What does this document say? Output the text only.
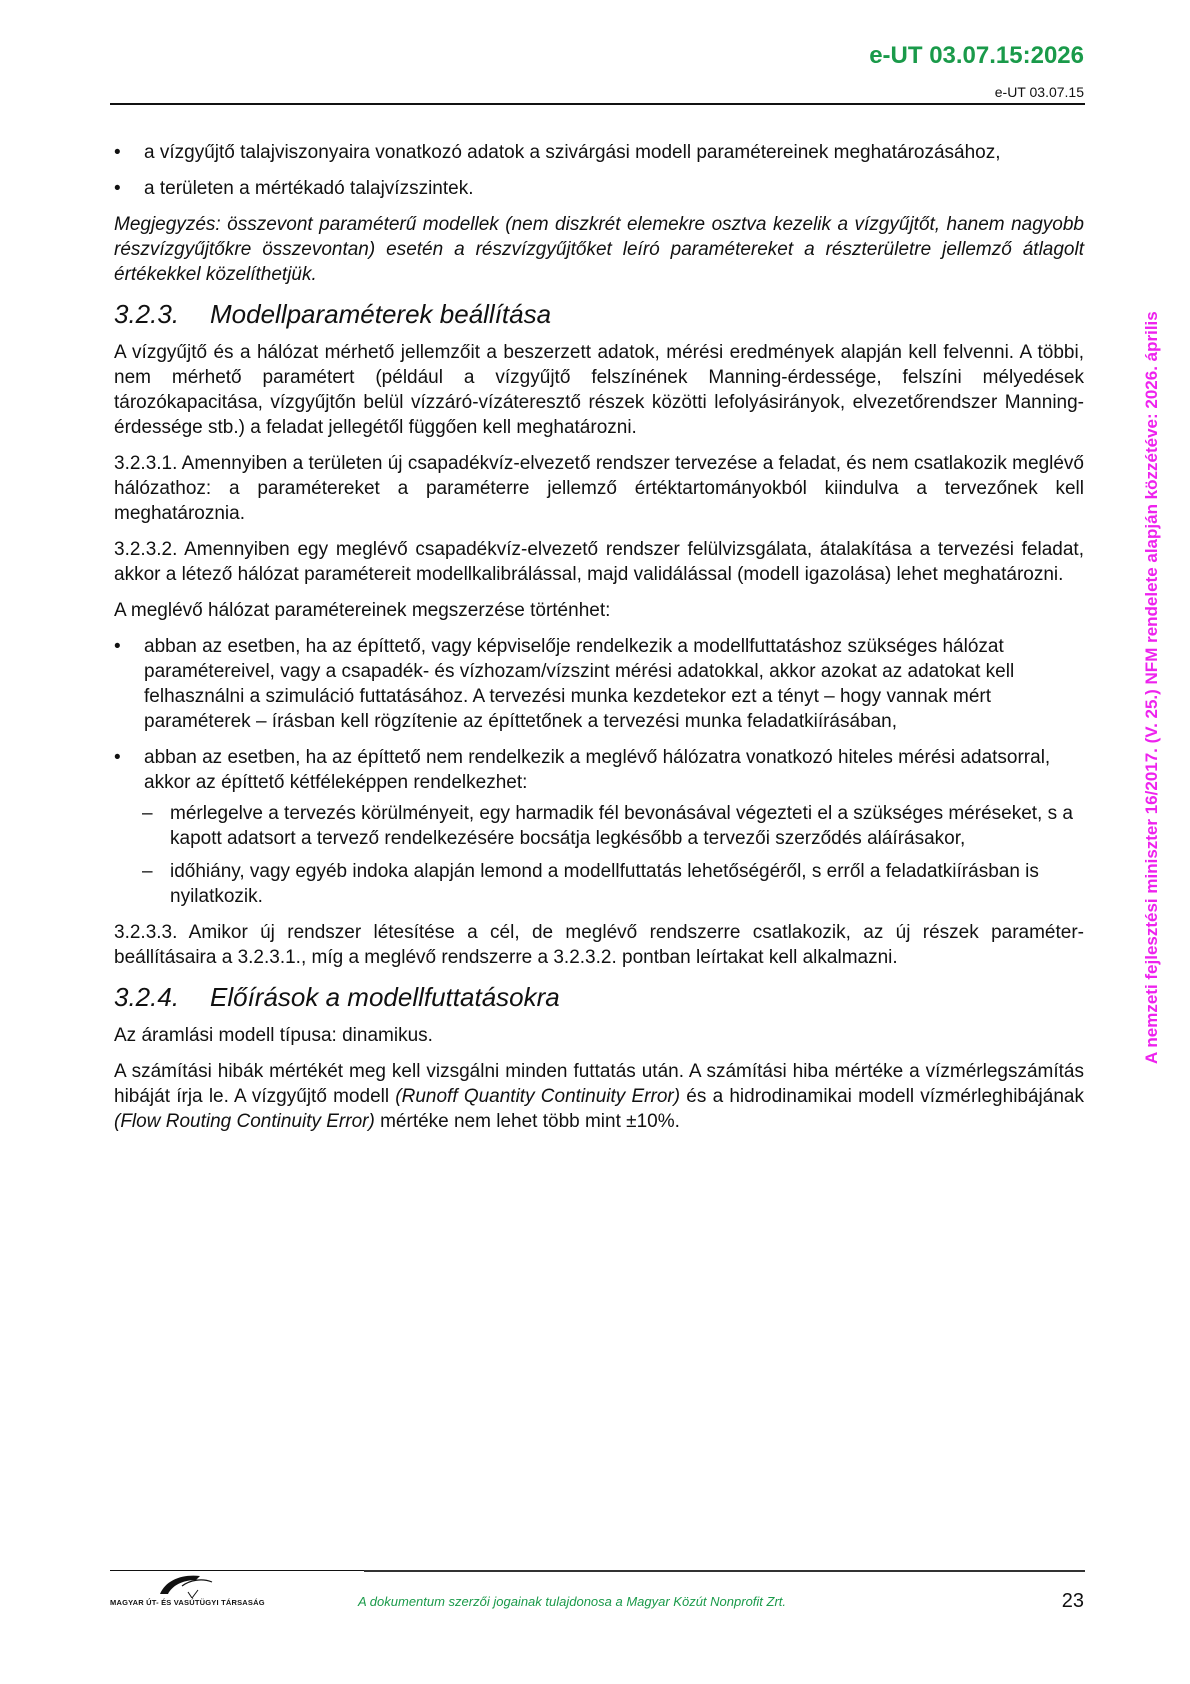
e-UT 03.07.15:2026
e-UT 03.07.15
A nemzeti fejlesztési miniszter 16/2017. (V. 25.) NFM rendelete alapján közzétéve: 2026. április
• a vízgyűjtő talajviszonyaira vonatkozó adatok a szivárgási modell paramétereinek meghatározásához,
• a területen a mértékadó talajvízszintek.

Megjegyzés: összevont paraméterű modellek (nem diszkrét elemekre osztva kezelik a vízgyűjtőt, hanem nagyobb részvízgyűjtőkre összevontan) esetén a részvízgyűjtőket leíró paramétereket a részterületre jellemző átlagolt értékekkel közelíthetjük.

3.2.3. Modellparaméterek beállítása

A vízgyűjtő és a hálózat mérhető jellemzőit a beszerzett adatok, mérési eredmények alapján kell felvenni. A többi, nem mérhető paramétert (például a vízgyűjtő felszínének Manning-érdessége, felszíni mélyedések tározókapacitása, vízgyűjtőn belül vízzáró-vízáteresztő részek közötti lefolyásirányok, elvezetőrendszer Manning-érdessége stb.) a feladat jellegétől függően kell meghatározni.

3.2.3.1. Amennyiben a területen új csapadékvíz-elvezető rendszer tervezése a feladat, és nem csatlakozik meglévő hálózathoz: a paramétereket a paraméterre jellemző értéktartományokból kiindulva a tervezőnek kell meghatároznia.

3.2.3.2. Amennyiben egy meglévő csapadékvíz-elvezető rendszer felülvizsgálata, átalakítása a tervezési feladat, akkor a létező hálózat paramétereit modellkalibrálással, majd validálással (modell igazolása) lehet meghatározni.

A meglévő hálózat paramétereinek megszerzése történhet:

• abban az esetben, ha az építtető, vagy képviselője rendelkezik a modellfuttatáshoz szükséges hálózat paramétereivel, vagy a csapadék- és vízhozam/vízszint mérési adatokkal, akkor azokat az adatokat kell felhasználni a szimuláció futtatásához. A tervezési munka kezdetekor ezt a tényt – hogy vannak mért paraméterek – írásban kell rögzítenie az építtetőnek a tervezési munka feladatkiírásában,
• abban az esetben, ha az építtető nem rendelkezik a meglévő hálózatra vonatkozó hiteles mérési adatsorral, akkor az építtető kétféleképpen rendelkezhet:
– mérlegelve a tervezés körülményeit, egy harmadik fél bevonásával végezteti el a szükséges méréseket, s a kapott adatsort a tervező rendelkezésére bocsátja legkésőbb a tervezői szerződés aláírásakor,
– időhiány, vagy egyéb indoka alapján lemond a modellfuttatás lehetőségéről, s erről a feladatkiírásban is nyilatkozik.

3.2.3.3. Amikor új rendszer létesítése a cél, de meglévő rendszerre csatlakozik, az új részek paraméter-beállításaira a 3.2.3.1., míg a meglévő rendszerre a 3.2.3.2. pontban leírtakat kell alkalmazni.

3.2.4. Előírások a modellfuttatásokra

Az áramlási modell típusa: dinamikus.

A számítási hibák mértékét meg kell vizsgálni minden futtatás után. A számítási hiba mértéke a vízmérlegszámítás hibáját írja le. A vízgyűjtő modell (Runoff Quantity Continuity Error) és a hidrodinamikai modell vízmérleghibájának (Flow Routing Continuity Error) mértéke nem lehet több mint ±10%.

MAGYAR ÚT- ÉS VASÚTÜGYI TÁRSASÁG	A dokumentum szerzői jogainak tulajdonosa a Magyar Közút Nonprofit Zrt.	23
